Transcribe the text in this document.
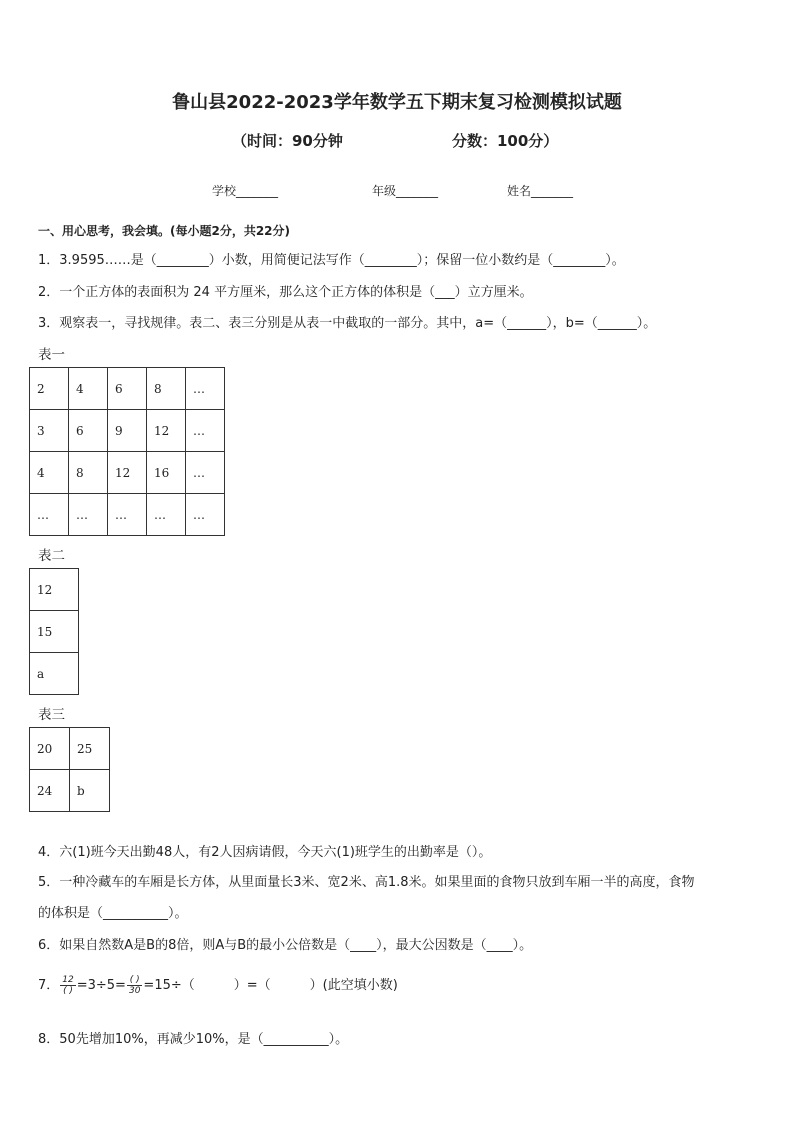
鲁山县2022-2023学年数学五下期末复习检测模拟试题
（时间：90分钟	分数：100分）
学校_______	年级_______	姓名_______
一、用心思考，我会填。(每小题2分，共22分)
1．3.9595……是（________）小数，用简便记法写作（________）；保留一位小数约是（________）。
2．一个正方体的表面积为 24 平方厘米，那么这个正方体的体积是（___）立方厘米。
3．观察表一，寻找规律。表二、表三分别是从表一中截取的一部分。其中，a=（______），b=（______）。
表一
2	4	6	8	…
3	6	9	12	…
4	8	12	16	…
…	…	…	…	…
表二
12
15
a
表三
20	25
24	b
4．六(1)班今天出勤48人，有2人因病请假，今天六(1)班学生的出勤率是（）。
5．一种冷藏车的车厢是长方体，从里面量长3米、宽2米、高1.8米。如果里面的食物只放到车厢一半的高度，食物
的体积是（__________）。
6．如果自然数A是B的8倍，则A与B的最小公倍数是（____），最大公因数是（____）。
7． $\frac{12}{( )} =3\div 5= \frac{( )}{30} =15\div$（　　　）=（　　　）(此空填小数)
8．50先增加10%，再减少10%，是（__________）。
